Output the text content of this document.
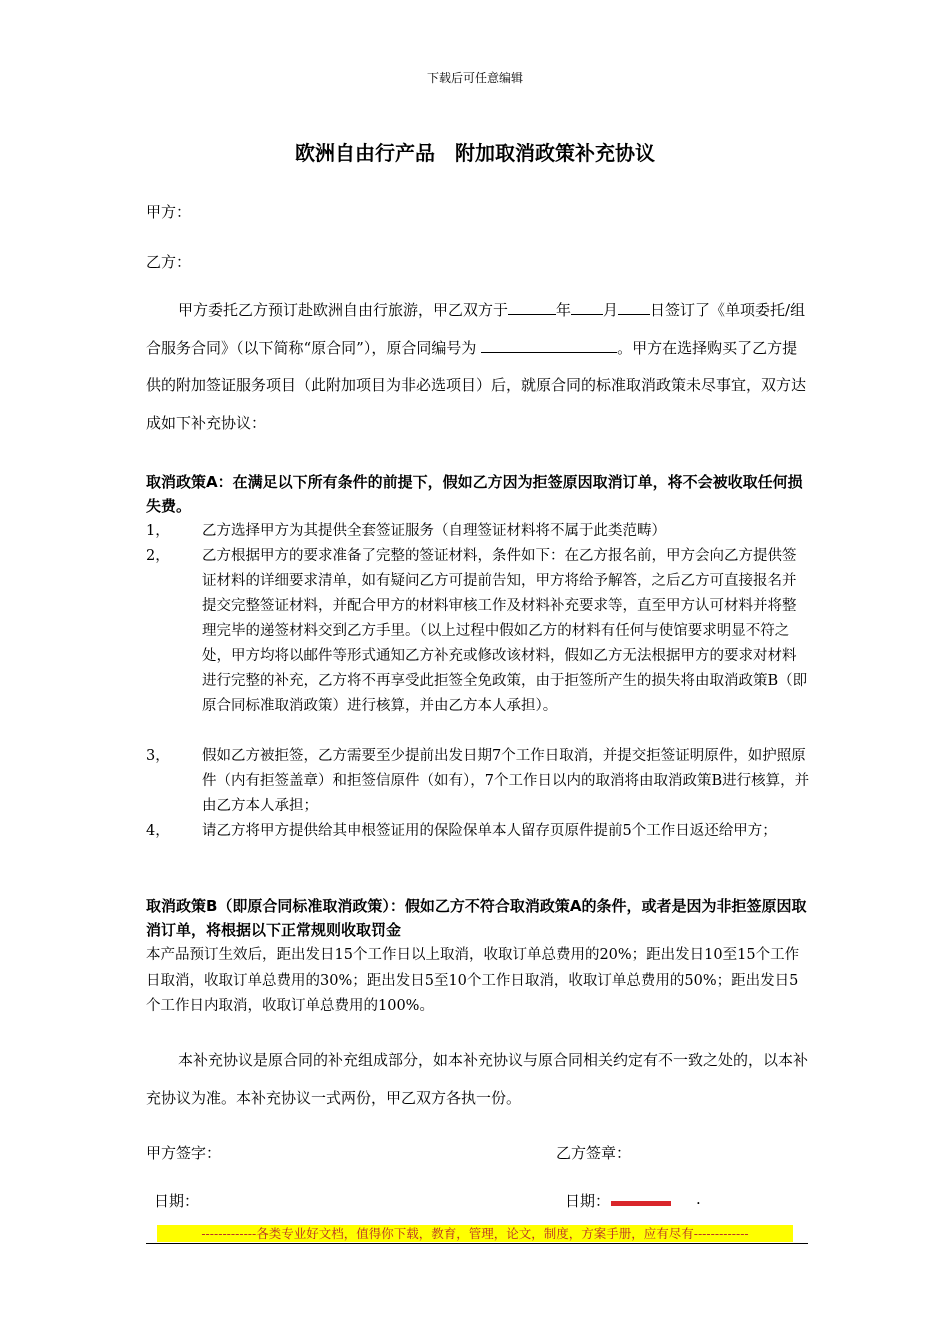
下载后可任意编辑
欧洲自由行产品　附加取消政策补充协议
甲方：
乙方：
甲方委托乙方预订赴欧洲自由行旅游，甲乙双方于	年 月 日签订了《单项委托/组合服务合同》（以下简称“原合同”），原合同编号为	。甲方在选择购买了乙方提供的附加签证服务项目（此附加项目为非必选项目）后，就原合同的标准取消政策未尽事宜，双方达成如下补充协议：
取消政策A：在满足以下所有条件的前提下，假如乙方因为拒签原因取消订单，将不会被收取任何损失费。
1， 乙方选择甲方为其提供全套签证服务（自理签证材料将不属于此类范畴）
2， 乙方根据甲方的要求准备了完整的签证材料，条件如下：在乙方报名前，甲方会向乙方提供签证材料的详细要求清单，如有疑问乙方可提前告知，甲方将给予解答，之后乙方可直接报名并提交完整签证材料，并配合甲方的材料审核工作及材料补充要求等，直至甲方认可材料并将整理完毕的递签材料交到乙方手里。（以上过程中假如乙方的材料有任何与使馆要求明显不符之处，甲方均将以邮件等形式通知乙方补充或修改该材料，假如乙方无法根据甲方的要求对材料进行完整的补充，乙方将不再享受此拒签全免政策，由于拒签所产生的损失将由取消政策B（即原合同标准取消政策）进行核算，并由乙方本人承担）。
3， 假如乙方被拒签，乙方需要至少提前出发日期7个工作日取消，并提交拒签证明原件，如护照原件（内有拒签盖章）和拒签信原件（如有），7个工作日以内的取消将由取消政策B进行核算，并由乙方本人承担；
4， 请乙方将甲方提供给其申根签证用的保险保单本人留存页原件提前5个工作日返还给甲方；
取消政策B（即原合同标准取消政策）：假如乙方不符合取消政策A的条件，或者是因为非拒签原因取消订单，将根据以下正常规则收取罚金
本产品预订生效后，距出发日15个工作日以上取消，收取订单总费用的20%；距出发日10至15个工作日取消，收取订单总费用的30%；距出发日5至10个工作日取消，收取订单总费用的50%；距出发日5个工作日内取消，收取订单总费用的100%。
本补充协议是原合同的补充组成部分，如本补充协议与原合同相关约定有不一致之处的，以本补充协议为准。本补充协议一式两份，甲乙双方各执一份。
甲方签字：	乙方签章：
日期：	日期：	.
-------------各类专业好文档，值得你下载，教育，管理，论文，制度，方案手册，应有尽有-------------
